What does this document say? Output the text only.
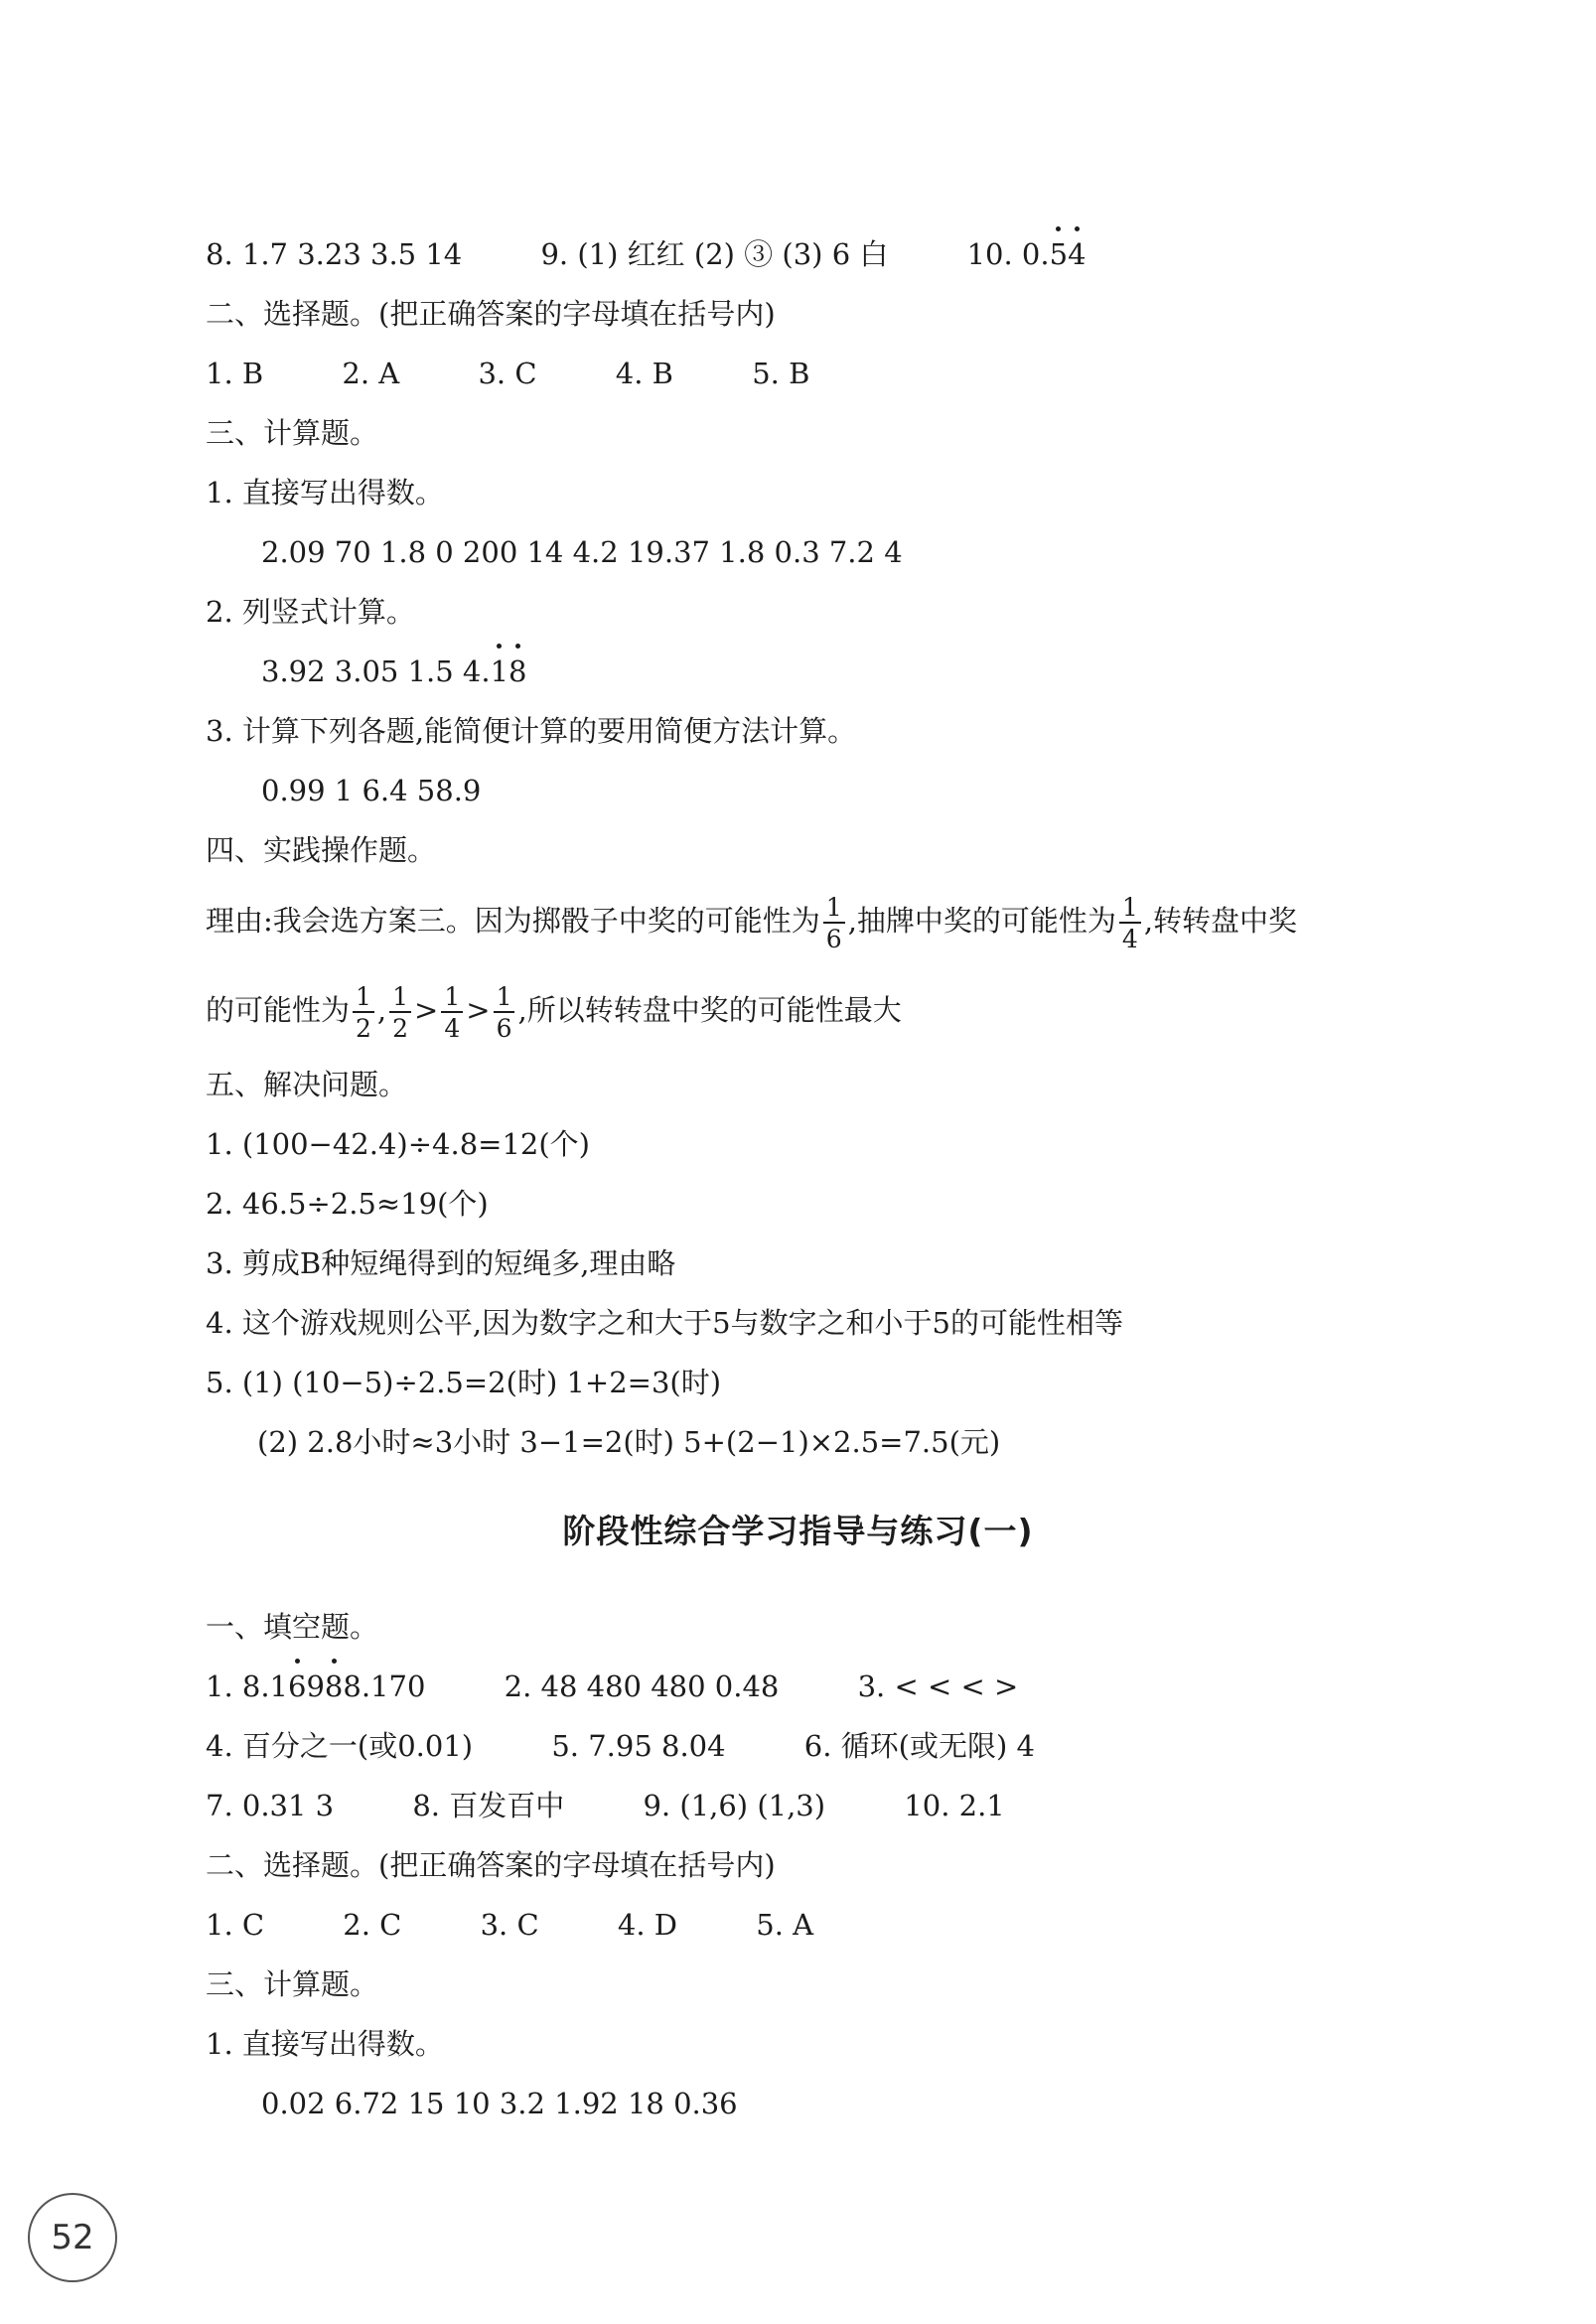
8. 1.7 3.23 3.5 14	9. (1) 红红 (2) ③ (3) 6 白	10. 0.54
二、选择题。(把正确答案的字母填在括号内)
1. B	2. A	3. C	4. B	5. B
三、计算题。
1. 直接写出得数。
2.09 70 1.8 0 200 14 4.2 19.37 1.8 0.3 7.2 4
2. 列竖式计算。
3.92 3.05 1.5 4.18
3. 计算下列各题,能简便计算的要用简便方法计算。
0.99 1 6.4 58.9
四、实践操作题。
理由:我会选方案三。因为掷骰子中奖的可能性为 $\frac{1}{6}$ ,抽牌中奖的可能性为 $\frac{1}{4}$ ,转转盘中奖
的可能性为 $\frac{1}{2}$ , $\frac{1}{2} > \frac{1}{4} > \frac{1}{6}$ ,所以转转盘中奖的可能性最大
五、解决问题。
1. (100−42.4)÷4.8=12(个)
2. 46.5÷2.5≈19(个)
3. 剪成B种短绳得到的短绳多,理由略
4. 这个游戏规则公平,因为数字之和大于5与数字之和小于5的可能性相等
5. (1) (10−5)÷2.5=2(时) 1+2=3(时)
(2) 2.8小时≈3小时 3−1=2(时) 5+(2−1)×2.5=7.5(元)
阶段性综合学习指导与练习(一)
一、填空题。
1. 8.16988.170	2. 48 480 480 0.48	3. < < < >
4. 百分之一(或0.01)	5. 7.95 8.04	6. 循环(或无限) 4
7. 0.31 3	8. 百发百中	9. (1,6) (1,3)	10. 2.1
二、选择题。(把正确答案的字母填在括号内)
1. C	2. C	3. C	4. D	5. A
三、计算题。
1. 直接写出得数。
0.02 6.72 15 10 3.2 1.92 18 0.36
52
